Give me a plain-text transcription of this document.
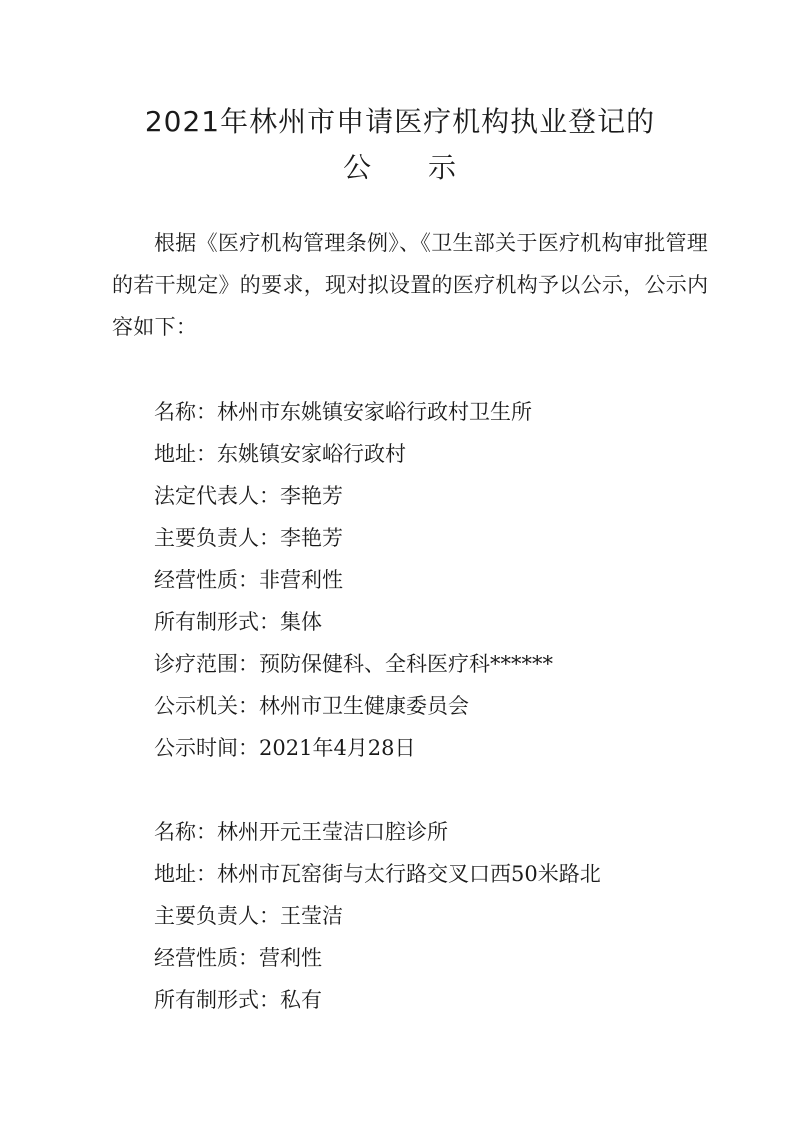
2021年林州市申请医疗机构执业登记的
公 示

根据《医疗机构管理条例》、《卫生部关于医疗机构审批管理的若干规定》的要求，现对拟设置的医疗机构予以公示，公示内容如下：

名称：林州市东姚镇安家峪行政村卫生所
地址：东姚镇安家峪行政村
法定代表人：李艳芳
主要负责人：李艳芳
经营性质：非营利性
所有制形式：集体
诊疗范围：预防保健科、全科医疗科******
公示机关：林州市卫生健康委员会
公示时间：2021年4月28日
名称：林州开元王莹洁口腔诊所
地址：林州市瓦窑街与太行路交叉口西50米路北
主要负责人：王莹洁
经营性质：营利性
所有制形式：私有
